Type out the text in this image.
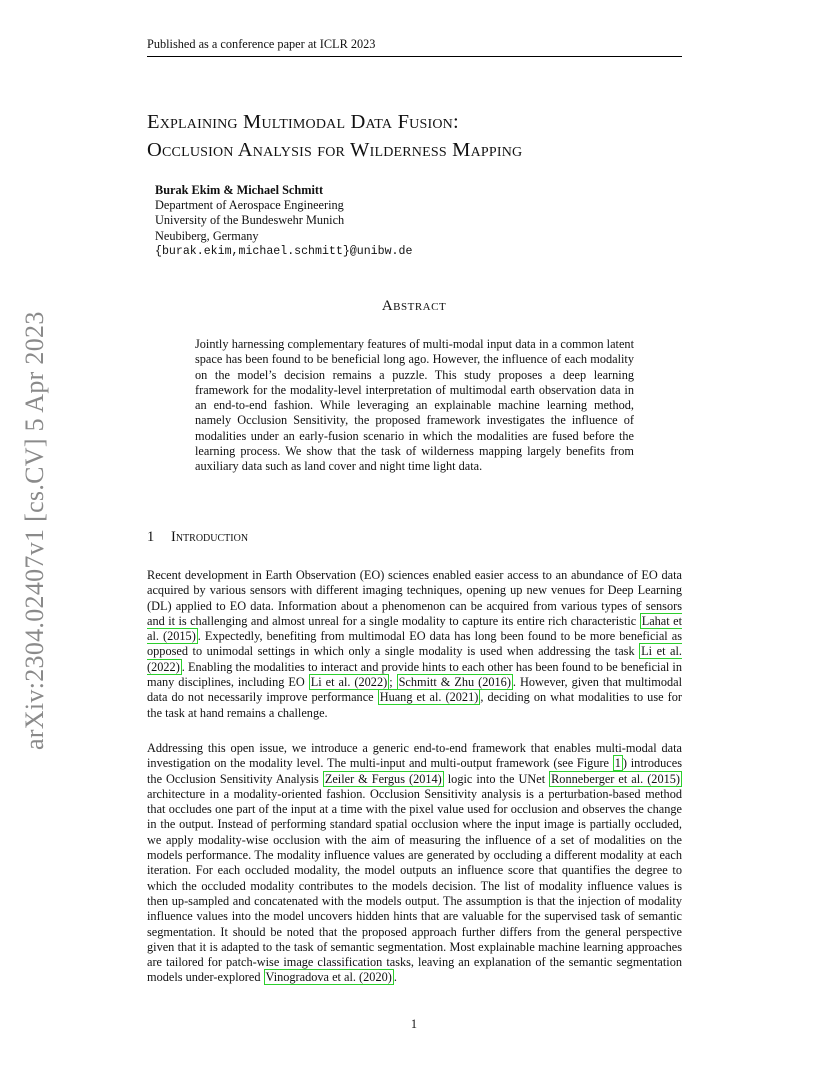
Published as a conference paper at ICLR 2023
Explaining Multimodal Data Fusion:
Occlusion Analysis for Wilderness Mapping
Burak Ekim & Michael Schmitt
Department of Aerospace Engineering
University of the Bundeswehr Munich
Neubiberg, Germany
{burak.ekim,michael.schmitt}@unibw.de
arXiv:2304.02407v1 [cs.CV] 5 Apr 2023
Abstract

Jointly harnessing complementary features of multi-modal input data in a common latent space has been found to be beneficial long ago. However, the influence of each modality on the model’s decision remains a puzzle. This study proposes a deep learning framework for the modality-level interpretation of multimodal earth observation data in an end-to-end fashion. While leveraging an explainable machine learning method, namely Occlusion Sensitivity, the proposed framework investigates the influence of modalities under an early-fusion scenario in which the modalities are fused before the learning process. We show that the task of wilderness mapping largely benefits from auxiliary data such as land cover and night time light data.

1 Introduction

Recent development in Earth Observation (EO) sciences enabled easier access to an abundance of EO data acquired by various sensors with different imaging techniques, opening up new venues for Deep Learning (DL) applied to EO data. Information about a phenomenon can be acquired from various types of sensors and it is challenging and almost unreal for a single modality to capture its entire rich characteristic Lahat et al. (2015) . Expectedly, benefiting from multimodal EO data has long been found to be more beneficial as opposed to unimodal settings in which only a single modality is used when addressing the task Li et al. (2022) . Enabling the modalities to interact and provide hints to each other has been found to be beneficial in many disciplines, including EO Li et al. (2022) ; Schmitt & Zhu (2016) . However, given that multimodal data do not necessarily improve performance Huang et al. (2021) , deciding on what modalities to use for the task at hand remains a challenge.

Addressing this open issue, we introduce a generic end-to-end framework that enables multi-modal data investigation on the modality level. The multi-input and multi-output framework (see Figure 1 ) introduces the Occlusion Sensitivity Analysis Zeiler & Fergus (2014) logic into the UNet Ronneberger et al. (2015) architecture in a modality-oriented fashion. Occlusion Sensitivity analysis is a perturbation-based method that occludes one part of the input at a time with the pixel value used for occlusion and observes the change in the output. Instead of performing standard spatial occlusion where the input image is partially occluded, we apply modality-wise occlusion with the aim of measuring the influence of a set of modalities on the models performance. The modality influence values are generated by occluding a different modality at each iteration. For each occluded modality, the model outputs an influence score that quantifies the degree to which the occluded modality contributes to the models decision. The list of modality influence values is then up-sampled and concatenated with the models output. The assumption is that the injection of modality influence values into the model uncovers hidden hints that are valuable for the supervised task of semantic segmentation. It should be noted that the proposed approach further differs from the general perspective given that it is adapted to the task of semantic segmentation. Most explainable machine learning approaches are tailored for patch-wise image classification tasks, leaving an explanation of the semantic segmentation models under-explored Vinogradova et al. (2020) .

1
